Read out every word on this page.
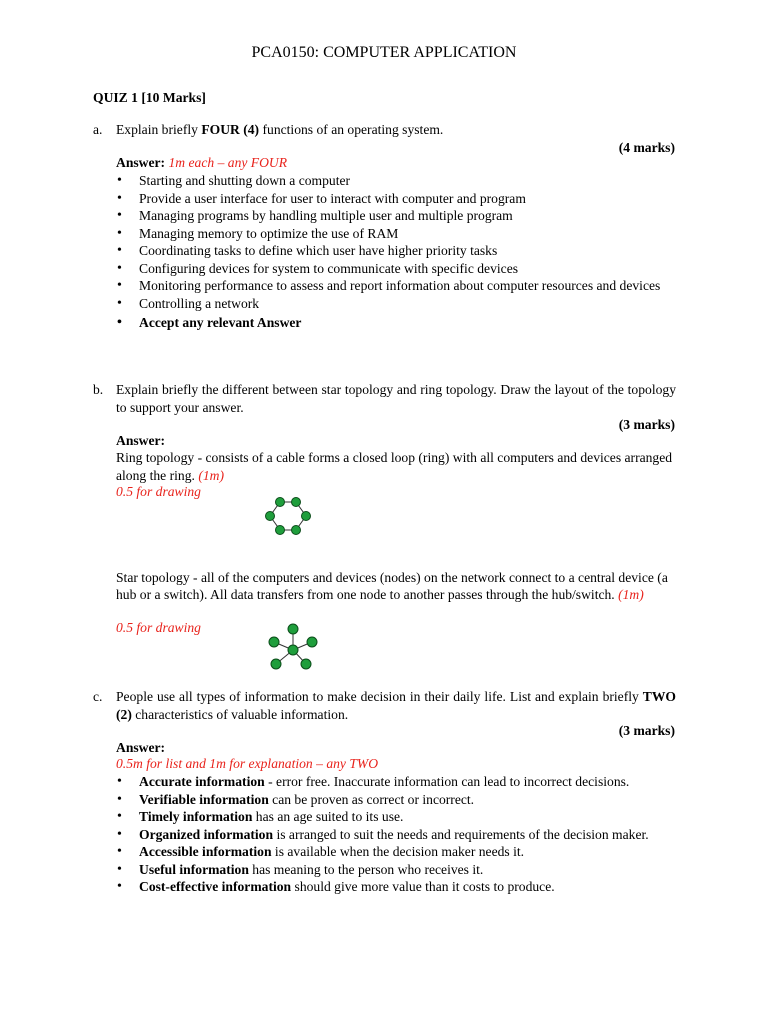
PCA0150: COMPUTER APPLICATION
QUIZ 1 [10 Marks]
a. Explain briefly FOUR (4) functions of an operating system.
(4 marks)
Answer: 1m each – any FOUR
• Starting and shutting down a computer
• Provide a user interface for user to interact with computer and program
• Managing programs by handling multiple user and multiple program
• Managing memory to optimize the use of RAM
• Coordinating tasks to define which user have higher priority tasks
• Configuring devices for system to communicate with specific devices
• Monitoring performance to assess and report information about computer resources and devices
• Controlling a network
• Accept any relevant Answer
b. Explain briefly the different between star topology and ring topology. Draw the layout of the topology to support your answer.
(3 marks)
Answer:
Ring topology - consists of a cable forms a closed loop (ring) with all computers and devices arranged along the ring. (1m)
0.5 for drawing
Star topology - all of the computers and devices (nodes) on the network connect to a central device (a hub or a switch). All data transfers from one node to another passes through the hub/switch. (1m)
0.5 for drawing
c. People use all types of information to make decision in their daily life. List and explain briefly TWO (2) characteristics of valuable information.
(3 marks)
Answer:
0.5m for list and 1m for explanation – any TWO
• Accurate information - error free. Inaccurate information can lead to incorrect decisions.
• Verifiable information can be proven as correct or incorrect.
• Timely information has an age suited to its use.
• Organized information is arranged to suit the needs and requirements of the decision maker.
• Accessible information is available when the decision maker needs it.
• Useful information has meaning to the person who receives it.
• Cost-effective information should give more value than it costs to produce.
